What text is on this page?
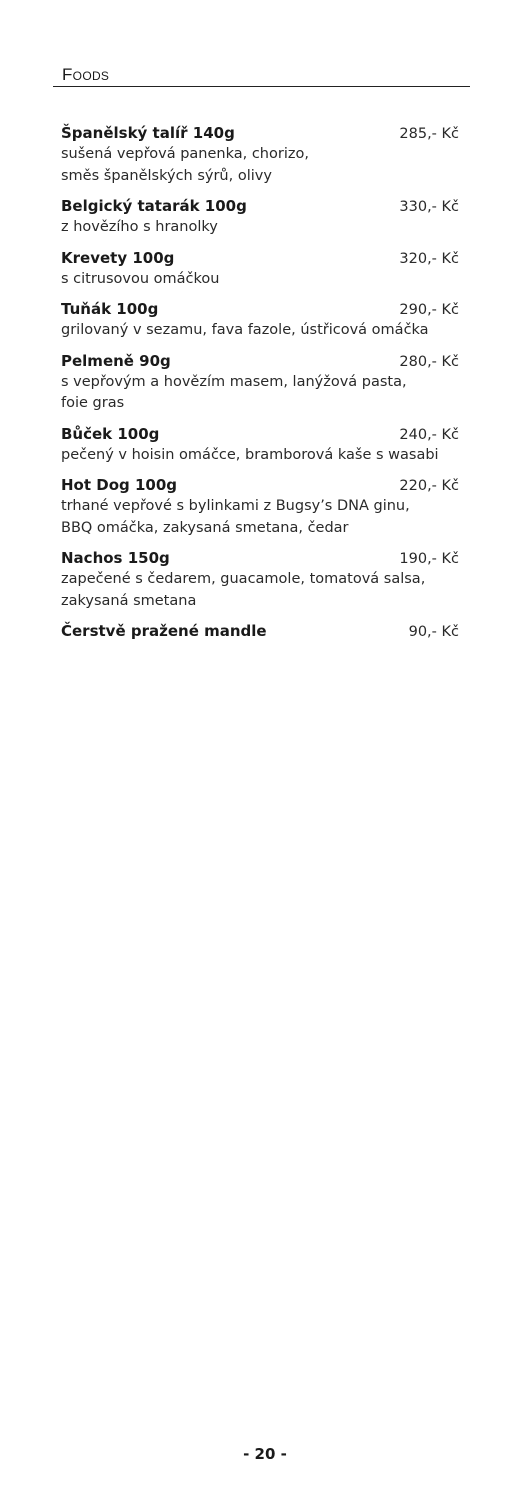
Foods
Španělský talíř 140g	285,- Kč
sušená vepřová panenka, chorizo,
směs španělských sýrů, olivy
Belgický tatarák 100g	330,- Kč
z hovězího s hranolky
Krevety 100g	320,- Kč
s citrusovou omáčkou
Tuňák 100g	290,- Kč
grilovaný v sezamu, fava fazole, ústřicová omáčka
Pelmeně 90g	280,- Kč
s vepřovým a hovězím masem, lanýžová pasta,
foie gras
Bůček 100g	240,- Kč
pečený v hoisin omáčce, bramborová kaše s wasabi
Hot Dog 100g	220,- Kč
trhané vepřové s bylinkami z Bugsy’s DNA ginu,
BBQ omáčka, zakysaná smetana, čedar
Nachos 150g	190,- Kč
zapečené s čedarem, guacamole, tomatová salsa,
zakysaná smetana
Čerstvě pražené mandle	90,- Kč
- 20 -
